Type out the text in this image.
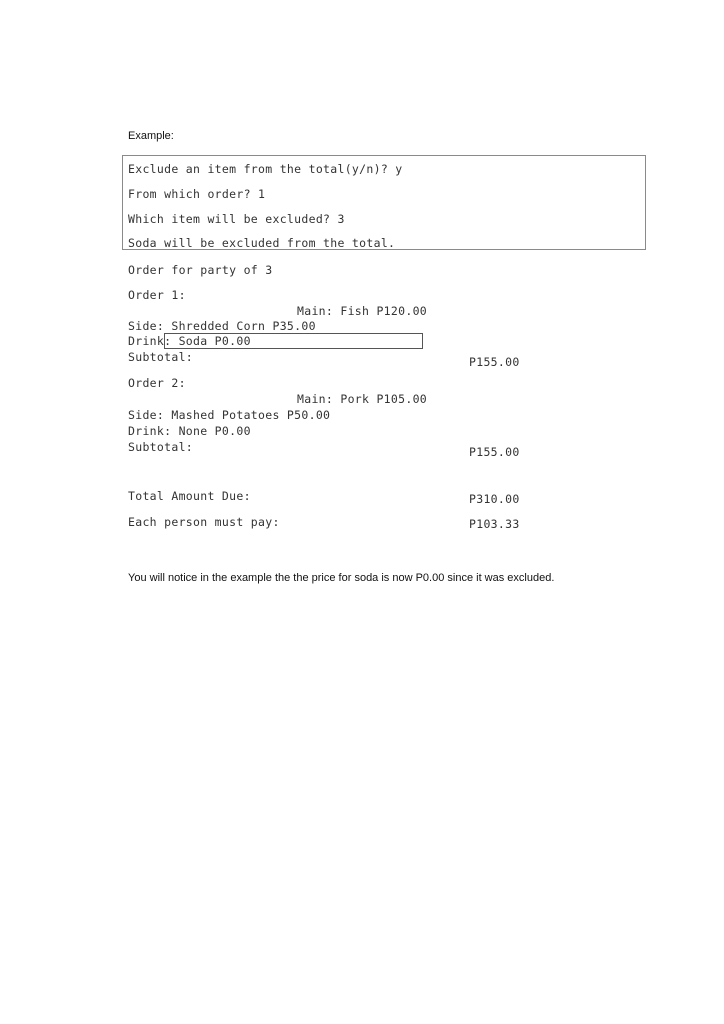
Example:
Exclude an item from the total(y/n)? y
From which order? 1
Which item will be excluded? 3
Soda will be excluded from the total.
Order for party of 3
Order 1:
Main: Fish P120.00
Side: Shredded Corn P35.00
Drink: Soda P0.00
Subtotal:	P155.00
Order 2:
Main: Pork P105.00
Side: Mashed Potatoes P50.00
Drink: None P0.00
Subtotal:	P155.00
Total Amount Due:	P310.00
Each person must pay:	P103.33
You will notice in the example the the price for soda is now P0.00 since it was excluded.
